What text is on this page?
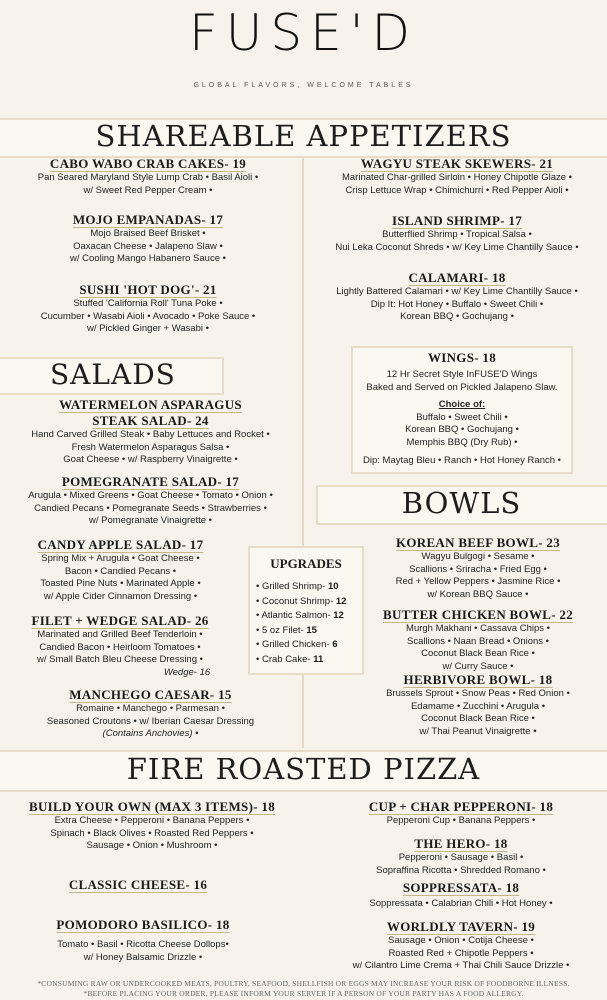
FUSE'D
GLOBAL FLAVORS, WELCOME TABLES
SHAREABLE APPETIZERS
CABO WABO CRAB CAKES- 19
Pan Seared Maryland Style Lump Crab • Basil Aioli •
w/ Sweet Red Pepper Cream •
MOJO EMPANADAS- 17
Mojo Braised Beef Brisket •
Oaxacan Cheese • Jalapeno Slaw •
w/ Cooling Mango Habanero Sauce •
SUSHI 'HOT DOG'- 21
Stuffed 'California Roll' Tuna Poke •
Cucumber • Wasabi Aioli • Avocado • Poke Sauce •
w/ Pickled Ginger + Wasabi •
WAGYU STEAK SKEWERS- 21
Marinated Char-grilled Sirloin • Honey Chipotle Glaze •
Crisp Lettuce Wrap • Chimichurri • Red Pepper Aioli •
ISLAND SHRIMP- 17
Butterflied Shrimp • Tropical Salsa •
Nui Leka Coconut Shreds • w/ Key Lime Chantilly Sauce •
CALAMARI- 18
Lightly Battered Calamari • w/ Key Lime Chantilly Sauce •
Dip It: Hot Honey • Buffalo • Sweet Chili •
Korean BBQ • Gochujang •
WINGS- 18
12 Hr Secret Style InFUSE'D Wings
Baked and Served on Pickled Jalapeno Slaw.
Choice of:
Buffalo • Sweet Chili •
Korean BBQ • Gochujang •
Memphis BBQ (Dry Rub) •
Dip: Maytag Bleu • Ranch • Hot Honey Ranch •
SALADS
WATERMELON ASPARAGUS
STEAK SALAD- 24
Hand Carved Grilled Steak • Baby Lettuces and Rocket •
Fresh Watermelon Asparagus Salsa •
Goat Cheese • w/ Raspberry Vinaigrette •
POMEGRANATE SALAD- 17
Arugula • Mixed Greens • Goat Cheese • Tomato • Onion •
Candied Pecans • Pomegranate Seeds • Strawberries •
w/ Pomegranate Vinaigrette •
CANDY APPLE SALAD- 17
Spring Mix + Arugula • Goat Cheese •
Bacon • Candied Pecans •
Toasted Pine Nuts • Marinated Apple •
w/ Apple Cider Cinnamon Dressing •
FILET + WEDGE SALAD- 26
Marinated and Grilled Beef Tenderloin •
Candied Bacon • Heirloom Tomatoes •
w/ Small Batch Bleu Cheese Dressing •
Wedge- 16
MANCHEGO CAESAR- 15
Romaine • Manchego • Parmesan •
Seasoned Croutons • w/ Iberian Caesar Dressing
(Contains Anchovies) •
UPGRADES
• Grilled Shrimp- 10
• Coconut Shrimp- 12
• Atlantic Salmon- 12
• 5 oz Filet- 15
• Grilled Chicken- 6
• Crab Cake- 11
BOWLS
KOREAN BEEF BOWL- 23
Wagyu Bulgogi • Sesame •
Scallions • Sriracha • Fried Egg •
Red + Yellow Peppers • Jasmine Rice •
w/ Korean BBQ Sauce •
BUTTER CHICKEN BOWL- 22
Murgh Makhani • Cassava Chips •
Scallions • Naan Bread • Onions •
Coconut Black Bean Rice •
w/ Curry Sauce •
HERBIVORE BOWL- 18
Brussels Sprout • Snow Peas • Red Onion •
Edamame • Zucchini • Arugula •
Coconut Black Bean Rice •
w/ Thai Peanut Vinaigrette •
FIRE ROASTED PIZZA
BUILD YOUR OWN (MAX 3 ITEMS)- 18
Extra Cheese • Pepperoni • Banana Peppers •
Spinach • Black Olives • Roasted Red Peppers •
Sausage • Onion • Mushroom •
CLASSIC CHEESE- 16
POMODORO BASILICO- 18
Tomato • Basil • Ricotta Cheese Dollops•
w/ Honey Balsamic Drizzle •
CUP + CHAR PEPPERONI- 18
Pepperoni Cup • Banana Peppers •
THE HERO- 18
Pepperoni • Sausage • Basil •
Sopraffina Ricotta • Shredded Romano •
SOPPRESSATA- 18
Soppressata • Calabrian Chili • Hot Honey •
WORLDLY TAVERN- 19
Sausage • Onion • Cotija Cheese •
Roasted Red + Chipotle Peppers •
w/ Cilantro Lime Crema + Thai Chili Sauce Drizzle •
*CONSUMING RAW OR UNDERCOOKED MEATS, POULTRY, SEAFOOD, SHELLFISH OR EGGS MAY INCREASE YOUR RISK OF FOODBORNE ILLNESS.
*BEFORE PLACING YOUR ORDER, PLEASE INFORM YOUR SERVER IF A PERSON OF YOUR PARTY HAS A FOOD ALLERGY.
